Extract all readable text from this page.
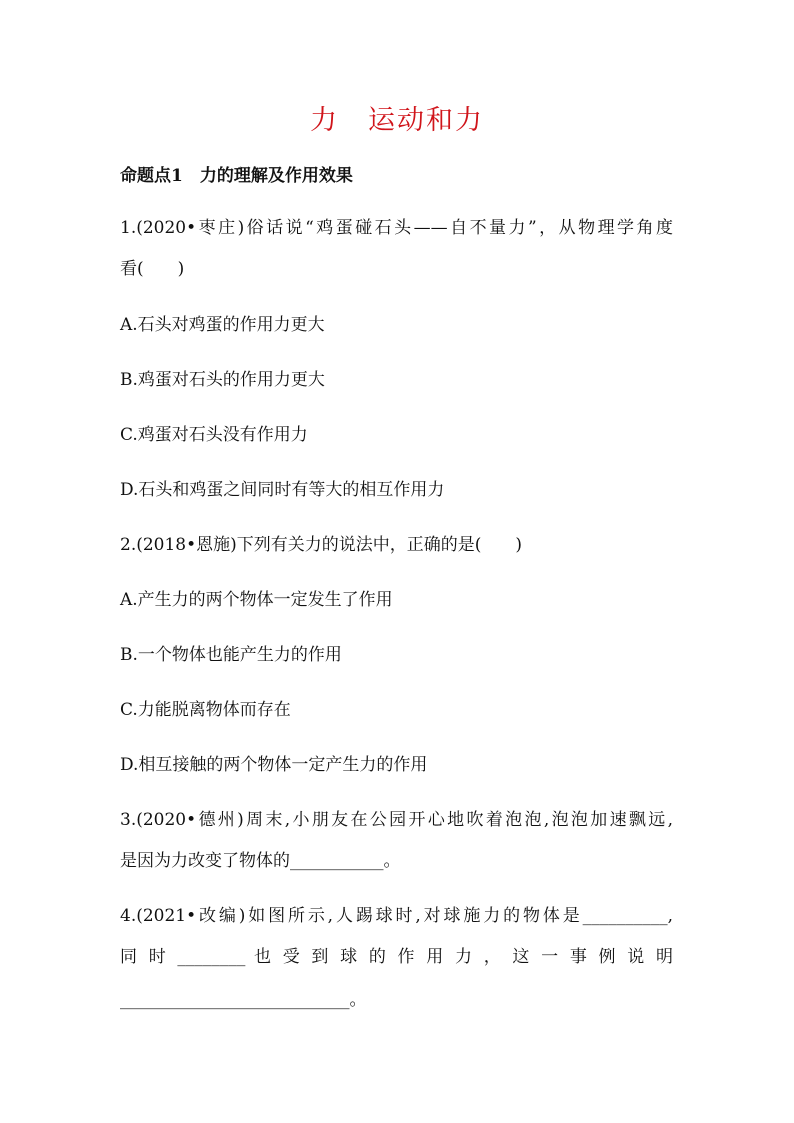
力　运动和力
命题点1　力的理解及作用效果
1.(2020•枣庄)俗话说“鸡蛋碰石头——自不量力”，从物理学角度
看(　　)
A.石头对鸡蛋的作用力更大
B.鸡蛋对石头的作用力更大
C.鸡蛋对石头没有作用力
D.石头和鸡蛋之间同时有等大的相互作用力
2.(2018•恩施)下列有关力的说法中，正确的是(　　)
A.产生力的两个物体一定发生了作用
B.一个物体也能产生力的作用
C.力能脱离物体而存在
D.相互接触的两个物体一定产生力的作用
3.(2020•德州)周末,小朋友在公园开心地吹着泡泡,泡泡加速飘远,
是因为力改变了物体的___________。
4.(2021•改编)如图所示,人踢球时,对球施力的物体是__________,
同 时 ________ 也 受 到 球 的 作 用 力 ， 这 一 事 例 说 明
___________________________。
